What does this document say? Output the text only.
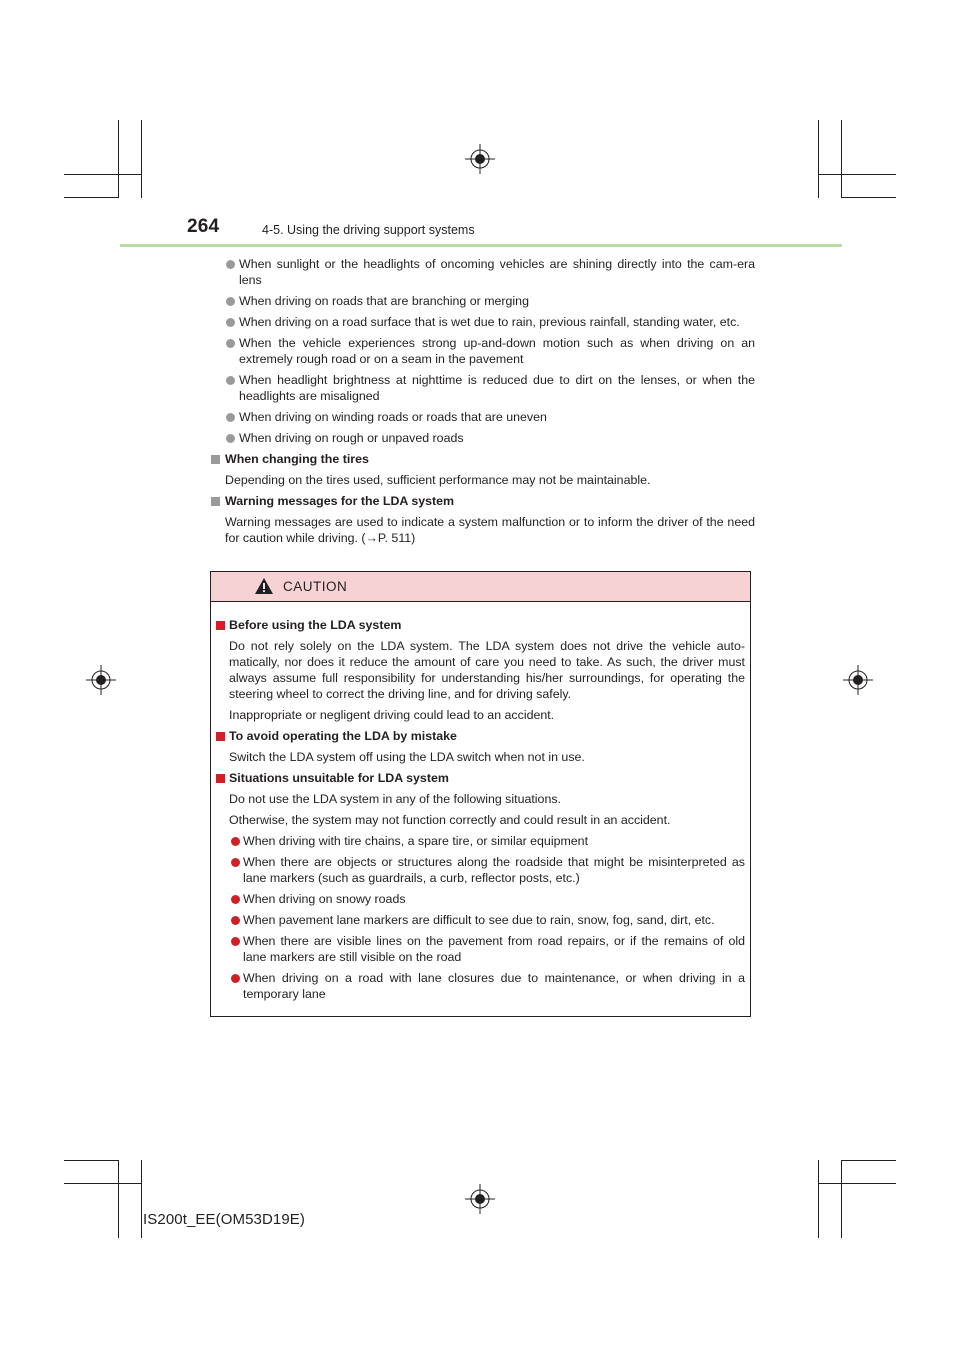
264	4-5. Using the driving support systems
When sunlight or the headlights of oncoming vehicles are shining directly into the cam-era lens
When driving on roads that are branching or merging
When driving on a road surface that is wet due to rain, previous rainfall, standing water, etc.
When the vehicle experiences strong up-and-down motion such as when driving on an extremely rough road or on a seam in the pavement
When headlight brightness at nighttime is reduced due to dirt on the lenses, or when the headlights are misaligned
When driving on winding roads or roads that are uneven
When driving on rough or unpaved roads
When changing the tires
Depending on the tires used, sufficient performance may not be maintainable.
Warning messages for the LDA system
Warning messages are used to indicate a system malfunction or to inform the driver of the need for caution while driving. (→P. 511)
CAUTION
Before using the LDA system
Do not rely solely on the LDA system. The LDA system does not drive the vehicle auto-matically, nor does it reduce the amount of care you need to take. As such, the driver must always assume full responsibility for understanding his/her surroundings, for operating the steering wheel to correct the driving line, and for driving safely.
Inappropriate or negligent driving could lead to an accident.
To avoid operating the LDA by mistake
Switch the LDA system off using the LDA switch when not in use.
Situations unsuitable for LDA system
Do not use the LDA system in any of the following situations.
Otherwise, the system may not function correctly and could result in an accident.
When driving with tire chains, a spare tire, or similar equipment
When there are objects or structures along the roadside that might be misinterpreted as lane markers (such as guardrails, a curb, reflector posts, etc.)
When driving on snowy roads
When pavement lane markers are difficult to see due to rain, snow, fog, sand, dirt, etc.
When there are visible lines on the pavement from road repairs, or if the remains of old lane markers are still visible on the road
When driving on a road with lane closures due to maintenance, or when driving in a temporary lane
IS200t_EE(OM53D19E)
